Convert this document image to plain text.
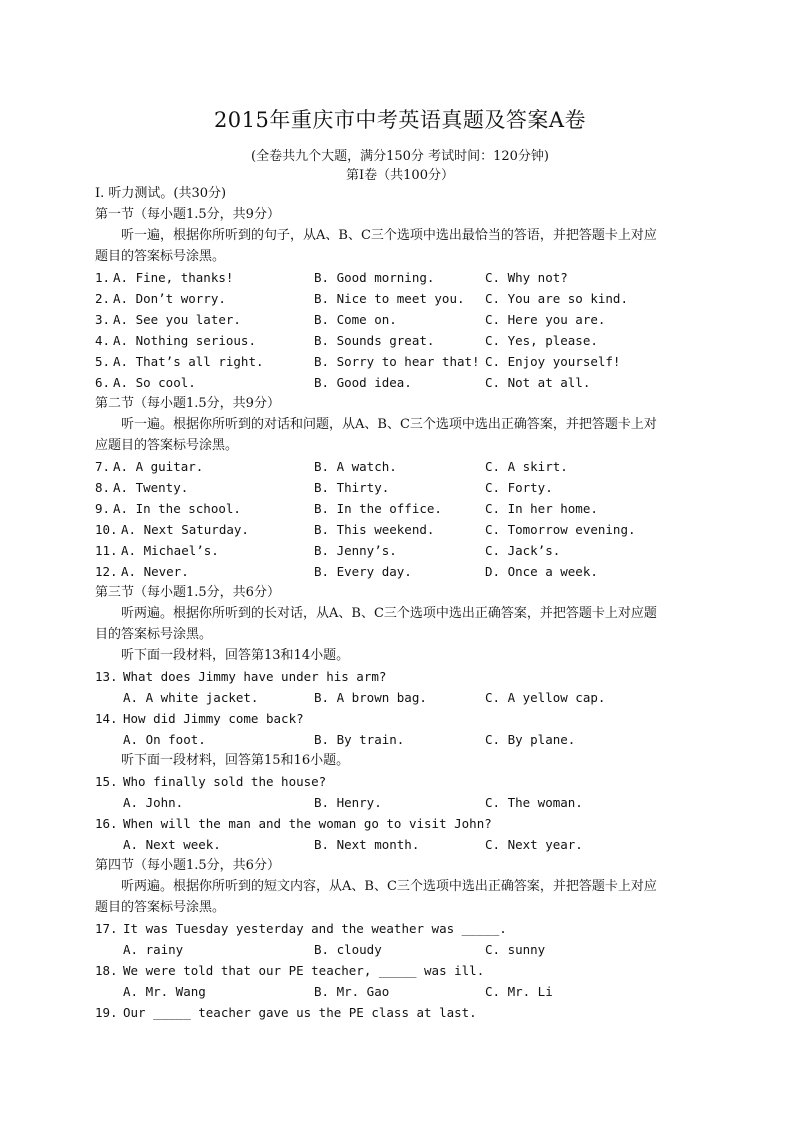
2015年重庆市中考英语真题及答案A卷
(全卷共九个大题，满分150分 考试时间：120分钟)
第I卷（共100分）
I. 听力测试。(共30分)
第一节（每小题1.5分，共9分）
听一遍，根据你所听到的句子，从A、B、C三个选项中选出最恰当的答语，并把答题卡上对应
题目的答案标号涂黑。
1. A. Fine, thanks!	B. Good morning.	C. Why not?
2. A. Don’t worry.	B. Nice to meet you. C. You are so kind.
3. A. See you later.	B. Come on.	C. Here you are.
4. A. Nothing serious.	B. Sounds great.	C. Yes, please.
5. A. That’s all right.	B. Sorry to hear that! C. Enjoy yourself!
6. A. So cool.	B. Good idea.	C. Not at all.
第二节（每小题1.5分，共9分）
听一遍。根据你所听到的对话和问题，从A、B、C三个选项中选出正确答案，并把答题卡上对
应题目的答案标号涂黑。
7. A. A guitar.	B. A watch.	C. A skirt.
8. A. Twenty.	B. Thirty.	C. Forty.
9. A. In the school.	B. In the office.	C. In her home.
10. A. Next Saturday.	B. This weekend.	C. Tomorrow evening.
11. A. Michael’s.	B. Jenny’s.	C. Jack’s.
12. A. Never.	B. Every day.	D. Once a week.
第三节（每小题1.5分，共6分）
听两遍。根据你所听到的长对话，从A、B、C三个选项中选出正确答案，并把答题卡上对应题
目的答案标号涂黑。
听下面一段材料，回答第13和14小题。
13. What does Jimmy have under his arm?
A. A white jacket.	B. A brown bag.	C. A yellow cap.
14. How did Jimmy come back?
A. On foot.	B. By train.	C. By plane.
听下面一段材料，回答第15和16小题。
15. Who finally sold the house?
A. John.	B. Henry.	C. The woman.
16. When will the man and the woman go to visit John?
A. Next week.	B. Next month.	C. Next year.
第四节（每小题1.5分，共6分）
听两遍。根据你所听到的短文内容，从A、B、C三个选项中选出正确答案，并把答题卡上对应
题目的答案标号涂黑。
17. It was Tuesday yesterday and the weather was _____.
A. rainy	B. cloudy	C. sunny
18. We were told that our PE teacher, _____ was ill.
A. Mr. Wang	B. Mr. Gao	C. Mr. Li
19. Our _____ teacher gave us the PE class at last.
